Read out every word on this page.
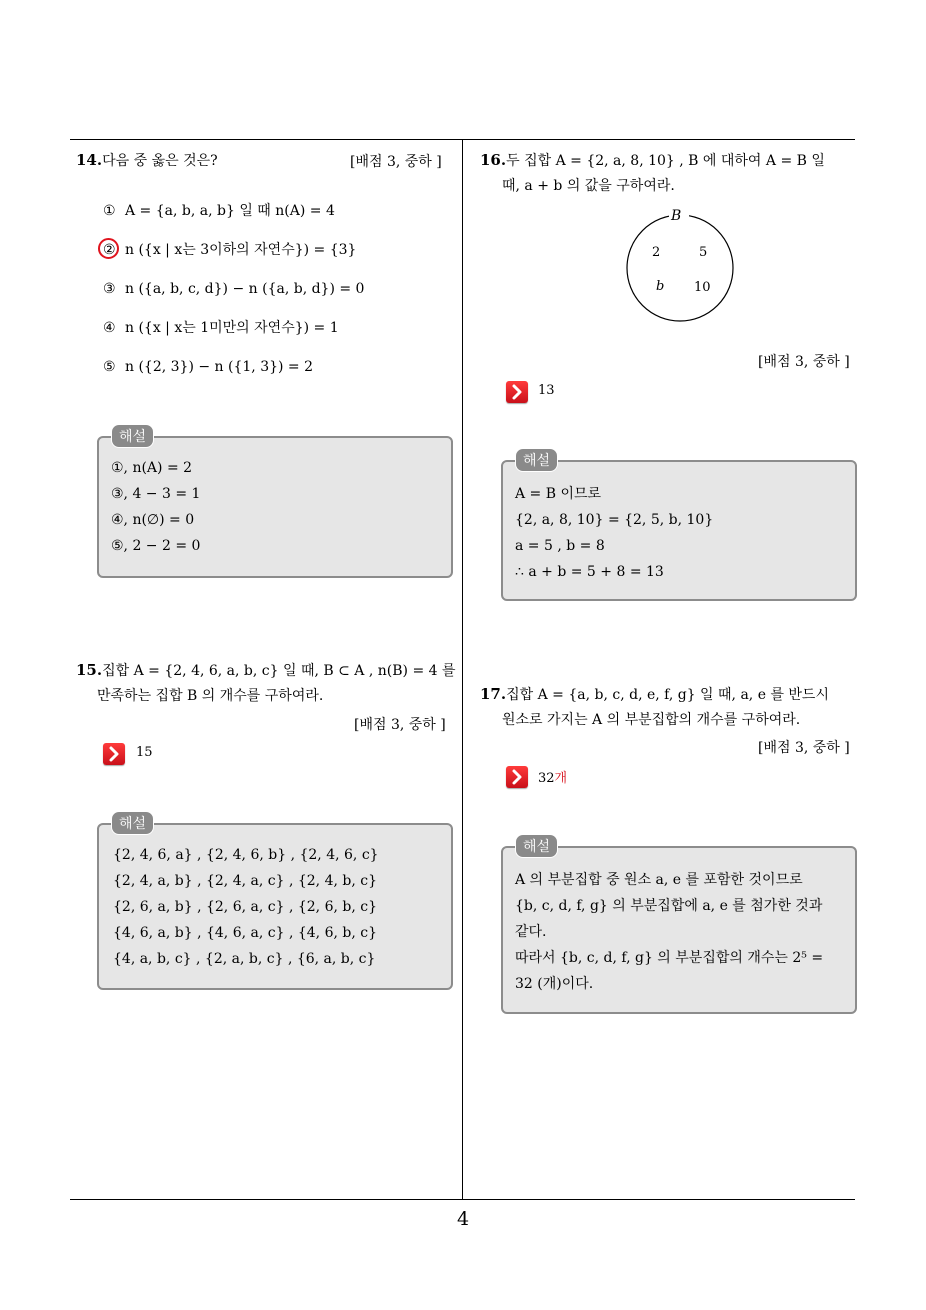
4
14.다음 중 옳은 것은?	[배점 3, 중하 ]
① A = {a, b, a, b} 일 때 n(A) = 4
② n ({x | x는 3이하의 자연수}) = {3}
③ n ({a, b, c, d}) − n ({a, b, d}) = 0
④ n ({x | x는 1미만의 자연수}) = 1
⑤ n ({2, 3}) − n ({1, 3}) = 2
①, n(A) = 2
③, 4 − 3 = 1
④, n(∅) = 0
⑤, 2 − 2 = 0
해설
15.집합 A = {2, 4, 6, a, b, c} 일 때, B ⊂ A , n(B) = 4 를
만족하는 집합 B 의 개수를 구하여라.
[배점 3, 중하 ]
15
{2, 4, 6, a} , {2, 4, 6, b} , {2, 4, 6, c}
{2, 4, a, b} , {2, 4, a, c} , {2, 4, b, c}
{2, 6, a, b} , {2, 6, a, c} , {2, 6, b, c}
{4, 6, a, b} , {4, 6, a, c} , {4, 6, b, c}
{4, a, b, c} , {2, a, b, c} , {6, a, b, c}
해설
16.두 집합 A = {2, a, 8, 10} , B 에 대하여 A = B 일
때, a + b 의 값을 구하여라.
B
2	5
b 10
[배점 3, 중하 ]
13
A = B 이므로
{2, a, 8, 10} = {2, 5, b, 10}
a = 5 , b = 8
∴ a + b = 5 + 8 = 13
해설
17.집합 A = {a, b, c, d, e, f, g} 일 때, a, e 를 반드시
원소로 가지는 A 의 부분집합의 개수를 구하여라.
[배점 3, 중하 ]
32개
A 의 부분집합 중 원소 a, e 를 포함한 것이므로
{b, c, d, f, g} 의 부분집합에 a, e 를 첨가한 것과
같다.
따라서 {b, c, d, f, g} 의 부분집합의 개수는 2⁵ =
32 (개)이다.
해설
